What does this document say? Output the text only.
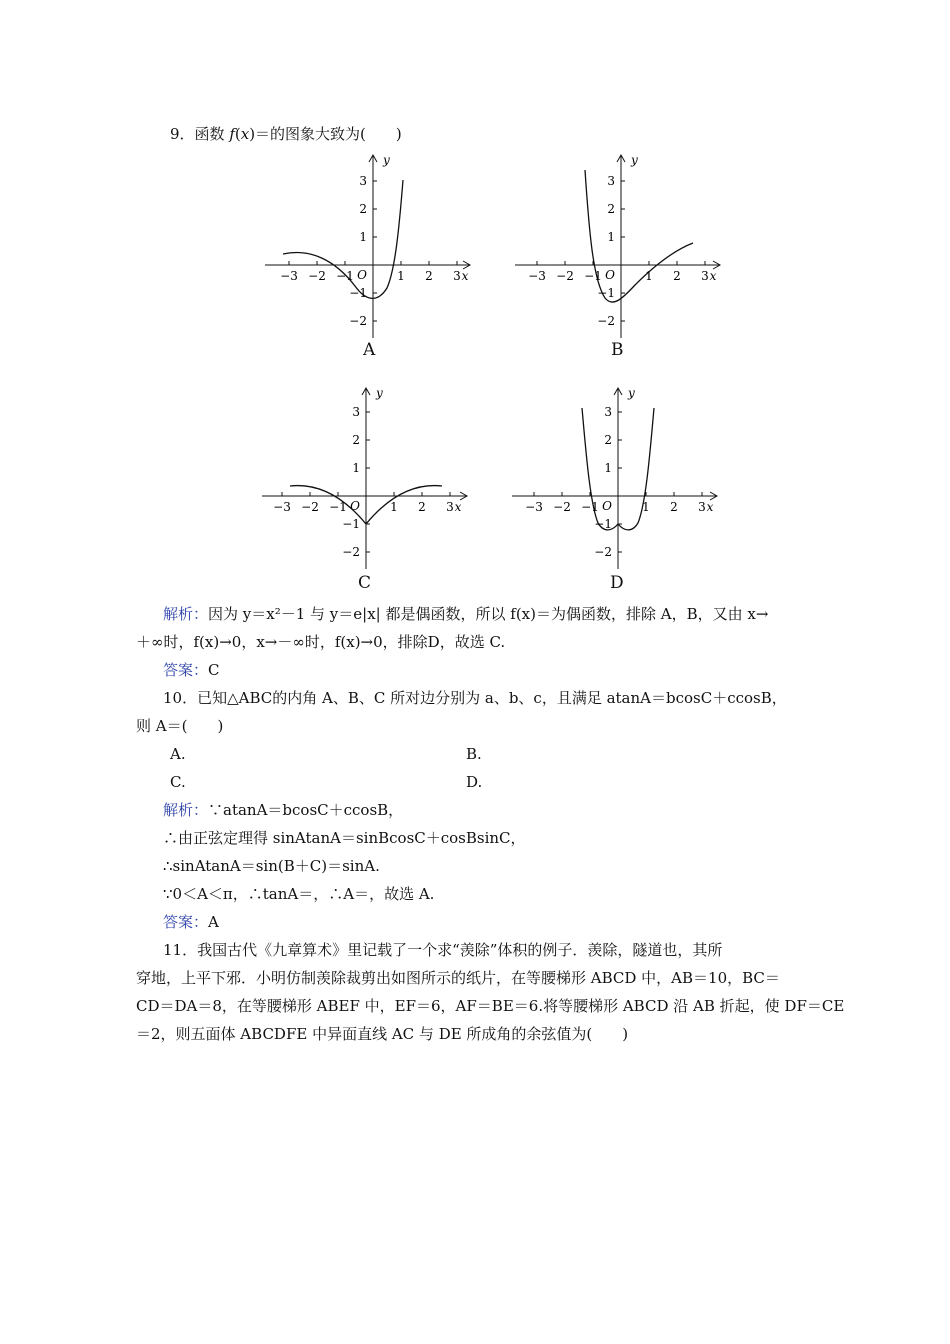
9．函数 f(x)＝的图象大致为(　　)
−3 −2 −1	1 2 3
3
2
1
−1
−2
O
y
x
A
−3 −2 −1	1 2 3
3
2
1
−1
−2
O
y
x
B
−3 −2 −1	1 2 3
3
2
1
−1
−2
O
y
x
C
−3 −2 −1	1 2 3
3
2
1
−1
−2
O
y
x
D
解析：因为 y＝x²－1 与 y＝e|x| 都是偶函数，所以 f(x)＝为偶函数，排除 A，B，又由 x→
＋∞时，f(x)→0，x→－∞时，f(x)→0，排除D，故选 C.
答案：C
10．已知△ABC的内角 A、B、C 所对边分别为 a、b、c，且满足 atanA＝bcosC＋ccosB，
则 A＝(　　)
A.	B.
C.	D.
解析：∵atanA＝bcosC＋ccosB，
∴由正弦定理得 sinAtanA＝sinBcosC＋cosBsinC，
∴sinAtanA＝sin(B＋C)＝sinA.
∵0＜A＜π，∴tanA＝，∴A＝，故选 A.
答案：A
11．我国古代《九章算术》里记载了一个求“羡除”体积的例子．羡除，隧道也，其所
穿地，上平下邪．小明仿制羡除裁剪出如图所示的纸片，在等腰梯形 ABCD 中，AB＝10，BC＝
CD＝DA＝8，在等腰梯形 ABEF 中，EF＝6，AF＝BE＝6.将等腰梯形 ABCD 沿 AB 折起，使 DF＝CE
＝2，则五面体 ABCDFE 中异面直线 AC 与 DE 所成角的余弦值为(　　)
